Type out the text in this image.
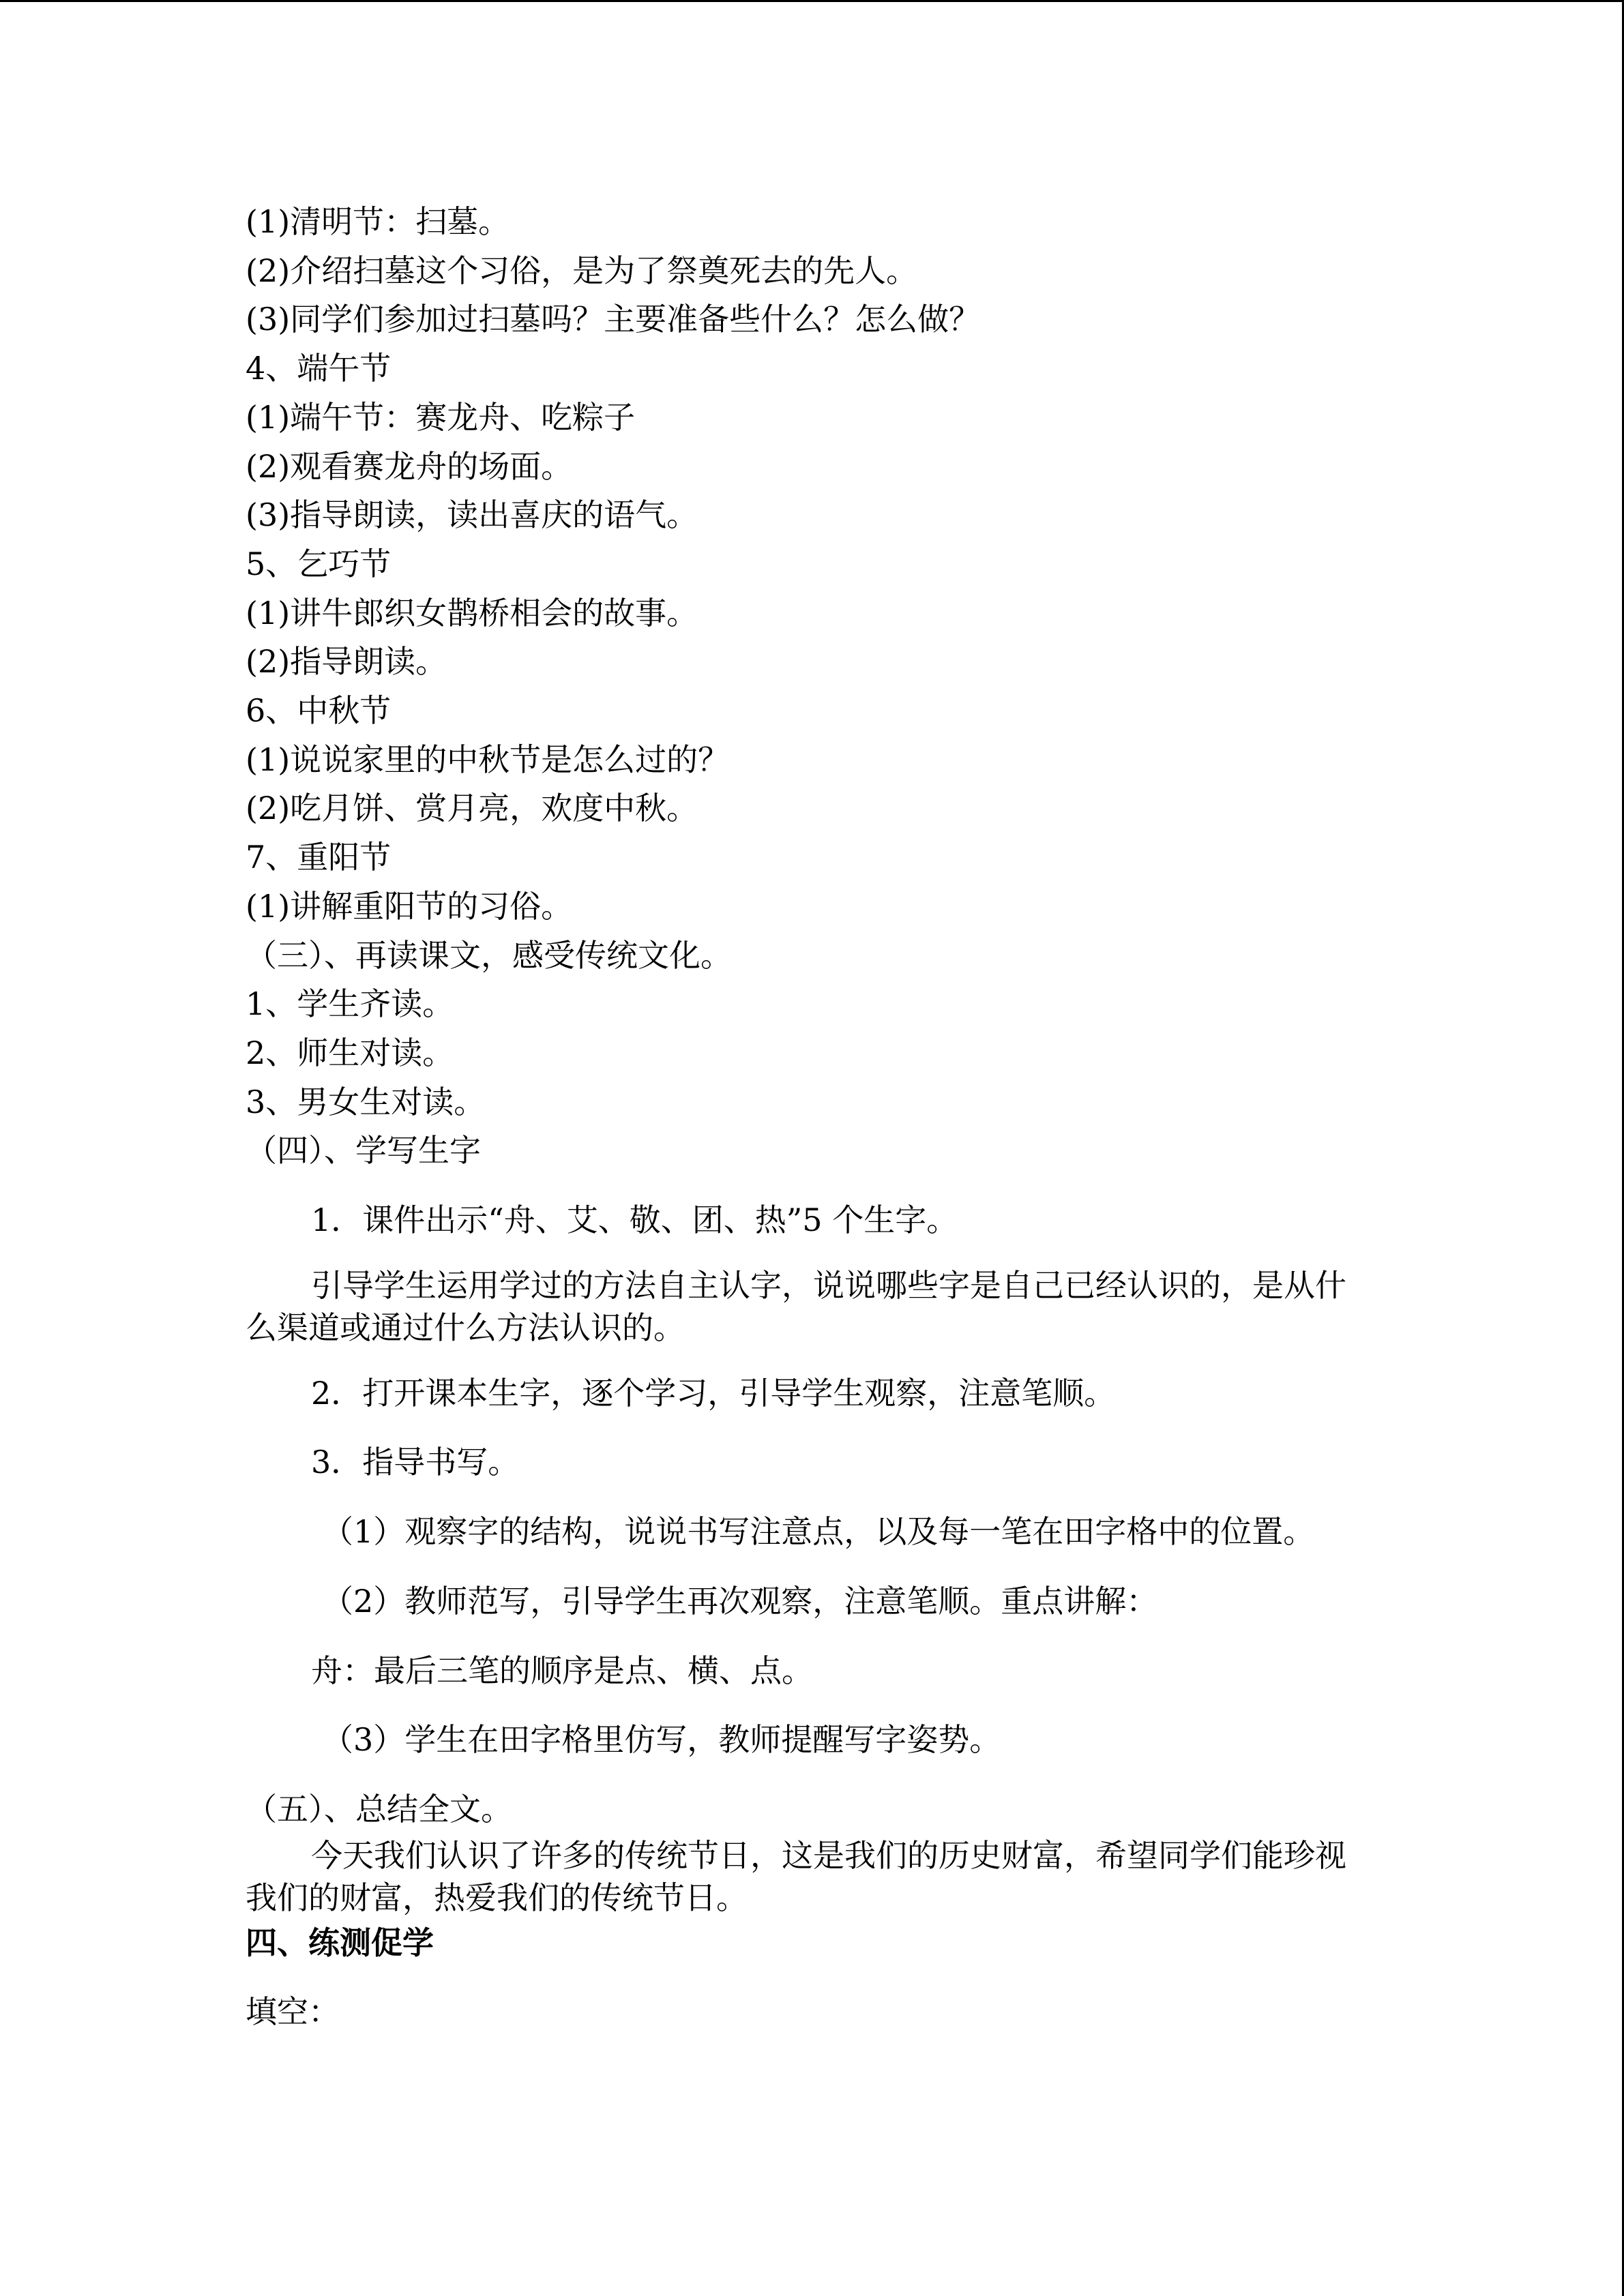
(1)清明节：扫墓。
(2)介绍扫墓这个习俗，是为了祭奠死去的先人。
(3)同学们参加过扫墓吗？主要准备些什么？怎么做？
4、端午节
(1)端午节：赛龙舟、吃粽子
(2)观看赛龙舟的场面。
(3)指导朗读，读出喜庆的语气。
5、乞巧节
(1)讲牛郎织女鹊桥相会的故事。
(2)指导朗读。
6、中秋节
(1)说说家里的中秋节是怎么过的？
(2)吃月饼、赏月亮，欢度中秋。
7、重阳节
(1)讲解重阳节的习俗。
（三）、再读课文，感受传统文化。
1、学生齐读。
2、师生对读。
3、男女生对读。
（四）、学写生字
1．课件出示“舟、艾、敬、团、热”5 个生字。
引导学生运用学过的方法自主认字，说说哪些字是自己已经认识的，是从什么渠道或通过什么方法认识的。
2．打开课本生字，逐个学习，引导学生观察，注意笔顺。
3．指导书写。
（1）观察字的结构，说说书写注意点，以及每一笔在田字格中的位置。
（2）教师范写，引导学生再次观察，注意笔顺。重点讲解：
舟：最后三笔的顺序是点、横、点。
（3）学生在田字格里仿写，教师提醒写字姿势。
（五）、总结全文。
今天我们认识了许多的传统节日，这是我们的历史财富，希望同学们能珍视我们的财富，热爱我们的传统节日。
四、练测促学
填空：
